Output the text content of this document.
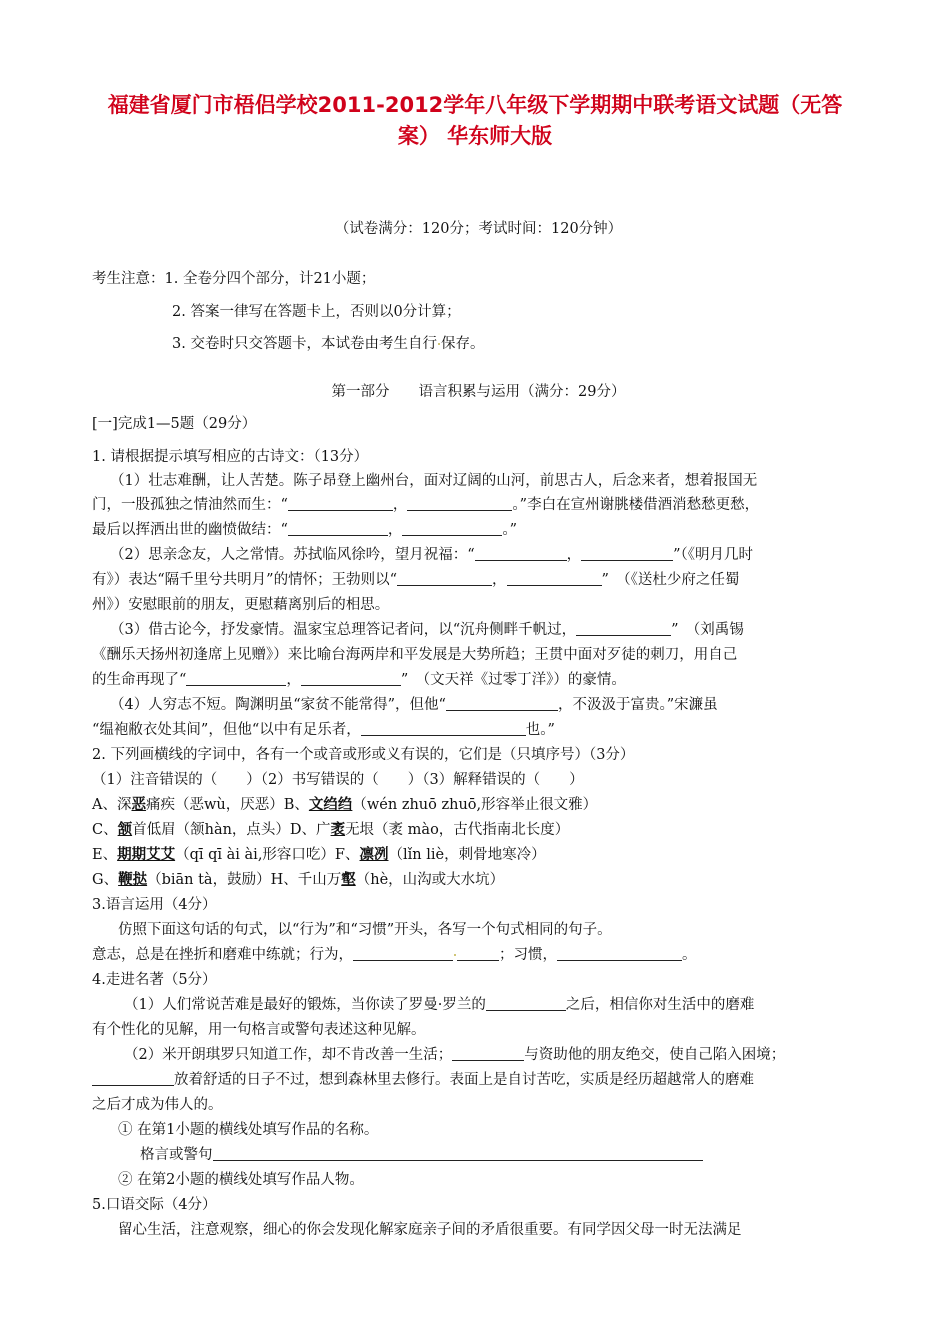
福建省厦门市梧侣学校2011-2012学年八年级下学期期中联考语文试题（无答
案） 华东师大版
（试卷满分：120分；考试时间：120分钟）
考生注意：1. 全卷分四个部分，计21小题；
2. 答案一律写在答题卡上，否则以0分计算；
3. 交卷时只交答题卡，本试卷由考生自行 保存。
第一部分　　语言积累与运用（满分：29分）
[一]完成1—5题（29分）
1. 请根据提示填写相应的古诗文：（13分）
（1）壮志难酬，让人苦楚。陈子昂登上幽州台，面对辽阔的山河，前思古人，后念来者，想着报国无
门，一股孤独之情油然而生：“	，	。”李白在宣州谢朓楼借酒消愁愁更愁，
最后以挥洒出世的幽愤做结：“	，	。”
（2）思亲念友，人之常情。苏拭临风徐吟，望月祝福：“	，	”（《明月几时
有》）表达“隔千里兮共明月”的情怀；王勃则以“	，	”　（《送杜少府之任蜀
州》）安慰眼前的朋友，更慰藉离别后的相思。
（3）借古论今，抒发豪情。温家宝总理答记者问，以“沉舟侧畔千帆过，	”　（刘禹锡
《酬乐天扬州初逢席上见赠》）来比喻台海两岸和平发展是大势所趋；王贯中面对歹徒的刺刀，用自己
的生命再现了“	，	”　（文天祥《过零丁洋》）的豪情。
（4）人穷志不短。陶渊明虽“家贫不能常得”，但他“	，不汲汲于富贵。”宋濂虽
“缊袍敝衣处其间”，但他“以中有足乐者，	也。”
2. 下列画横线的字词中，各有一个或音或形或义有误的，它们是（只填序号）（3分）
（1）注音错误的（　　）（2）书写错误的（　　）（3）解释错误的（　　）
A、深恶痛疾（恶wù，厌恶）B、文绉绉（wén zhuō zhuō,形容举止很文雅）
C、颔首低眉（颔hàn，点头）D、广袤无垠（袤 mào，古代指南北长度）
E、期期艾艾（qī qī ài ài,形容口吃）F、凛冽（lǐn liè，刺骨地寒冷）
G、鞭挞（biān tà，鼓励）H、千山万壑（hè，山沟或大水坑）
3.语言运用（4分）
仿照下面这句话的句式，以“行为”和“习惯”开头，各写一个句式相同的句子。
意志，总是在挫折和磨难中练就；行为，	；习惯，	。
4.走进名著（5分）
（1）人们常说苦难是最好的锻炼，当你读了罗曼·罗兰的	之后，相信你对生活中的磨难
有个性化的见解，用一句格言或警句表述这种见解。
（2）米开朗琪罗只知道工作，却不肯改善一生活；	与资助他的朋友绝交，使自己陷入困境；
放着舒适的日子不过，想到森林里去修行。表面上是自讨苦吃，实质是经历超越常人的磨难
之后才成为伟人的。
① 在第1小题的横线处填写作品的名称。
格言或警句
② 在第2小题的横线处填写作品人物。
5.口语交际（4分）
留心生活，注意观察，细心的你会发现化解家庭亲子间的矛盾很重要。有同学因父母一时无法满足
